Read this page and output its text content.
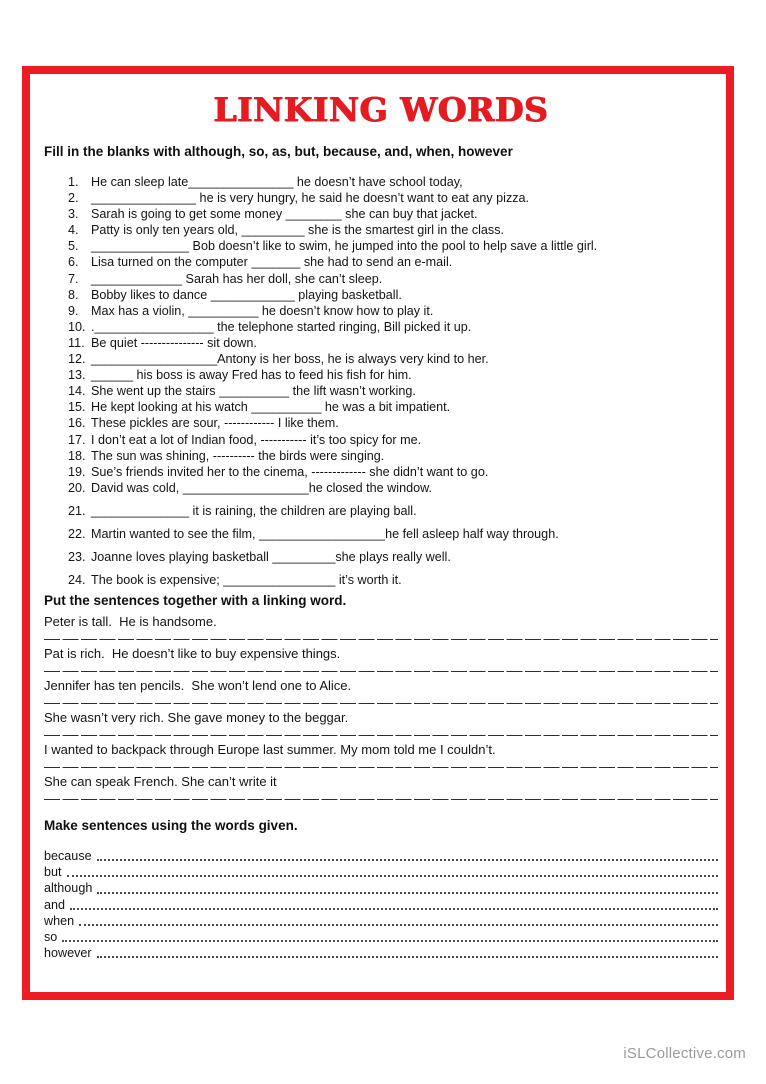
LINKING WORDS
Fill in the blanks with although, so, as, but, because, and, when, however
1. He can sleep late_______________ he doesn’t have school today,
2. _______________ he is very hungry, he said he doesn’t want to eat any pizza.
3. Sarah is going to get some money ________ she can buy that jacket.
4. Patty is only ten years old, _________ she is the smartest girl in the class.
5. ______________ Bob doesn’t like to swim, he jumped into the pool to help save a little girl.
6. Lisa turned on the computer _______ she had to send an e-mail.
7. _____________ Sarah has her doll, she can’t sleep.
8. Bobby likes to dance ____________ playing basketball.
9. Max has a violin, __________ he doesn’t know how to play it.
10. ._________________ the telephone started ringing, Bill picked it up.
11. Be quiet --------------- sit down.
12. __________________Antony is her boss, he is always very kind to her.
13. ______ his boss is away Fred has to feed his fish for him.
14. She went up the stairs __________ the lift wasn’t working.
15. He kept looking at his watch __________ he was a bit impatient.
16. These pickles are sour, ------------ I like them.
17. I don’t eat a lot of Indian food, ----------- it’s too spicy for me.
18. The sun was shining, ---------- the birds were singing.
19. Sue’s friends invited her to the cinema, ------------- she didn’t want to go.
20. David was cold, __________________he closed the window.
21. ______________ it is raining, the children are playing ball.
22. Martin wanted to see the film, __________________he fell asleep half way through.
23. Joanne loves playing basketball _________she plays really well.
24. The book is expensive; ________________ it’s worth it.
Put the sentences together with a linking word.
Peter is tall.  He is handsome.
Pat is rich.  He doesn’t like to buy expensive things.
Jennifer has ten pencils.  She won’t lend one to Alice.
She wasn’t very rich. She gave money to the beggar.
I wanted to backpack through Europe last summer. My mom told me I couldn’t.
She can speak French. She can’t write it
Make sentences using the words given.
because
but
although
and
when
so
however
iSLCollective.com
